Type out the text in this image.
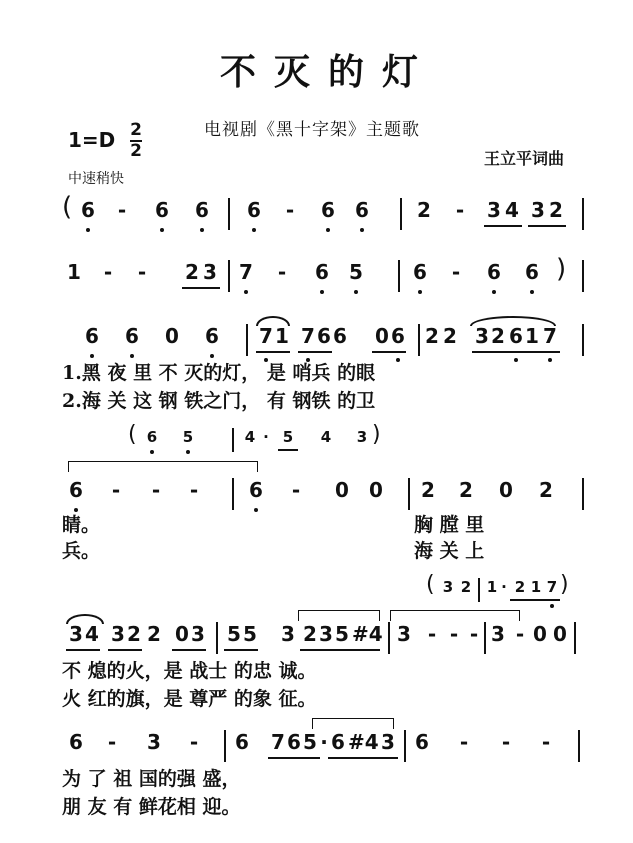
不灭的灯
电视剧《黑十字架》主题歌
1=D 2
2	王立平词曲
中速稍快
( 6 - 6 6 6 - 6 6 2 - 3 4 3 2
1 - - 2 3 7 - 6 5	6 - 6 6 )
6 6 0 6 7 1 7 6 6 0 6 2 2 3 2 6 1 7
1.黑 夜 里 不 灭的灯， 是 哨兵 的眼
2.海 关 这 钢 铁之门， 有 钢铁 的卫
( 6	5	4 · 5	4	3 )
6 - - -	6 - 0 0 2 2 0 2
睛。	胸 膛 里
兵。	海 关 上
( 3 2	1 · 2 1 7 )
3 4 3 2 2 0 3 5 5 3 2 3 5 #4 3 - - - 3 - 0 0
不 熄的火，是 战士 的忠 诚。
火 红的旗，是 尊严 的象 征。
6 - 3 - 6 7 6 5 · 6 #4 3 6 - - -
为 了 祖 国的强 盛，
朋 友 有 鲜花相 迎。
